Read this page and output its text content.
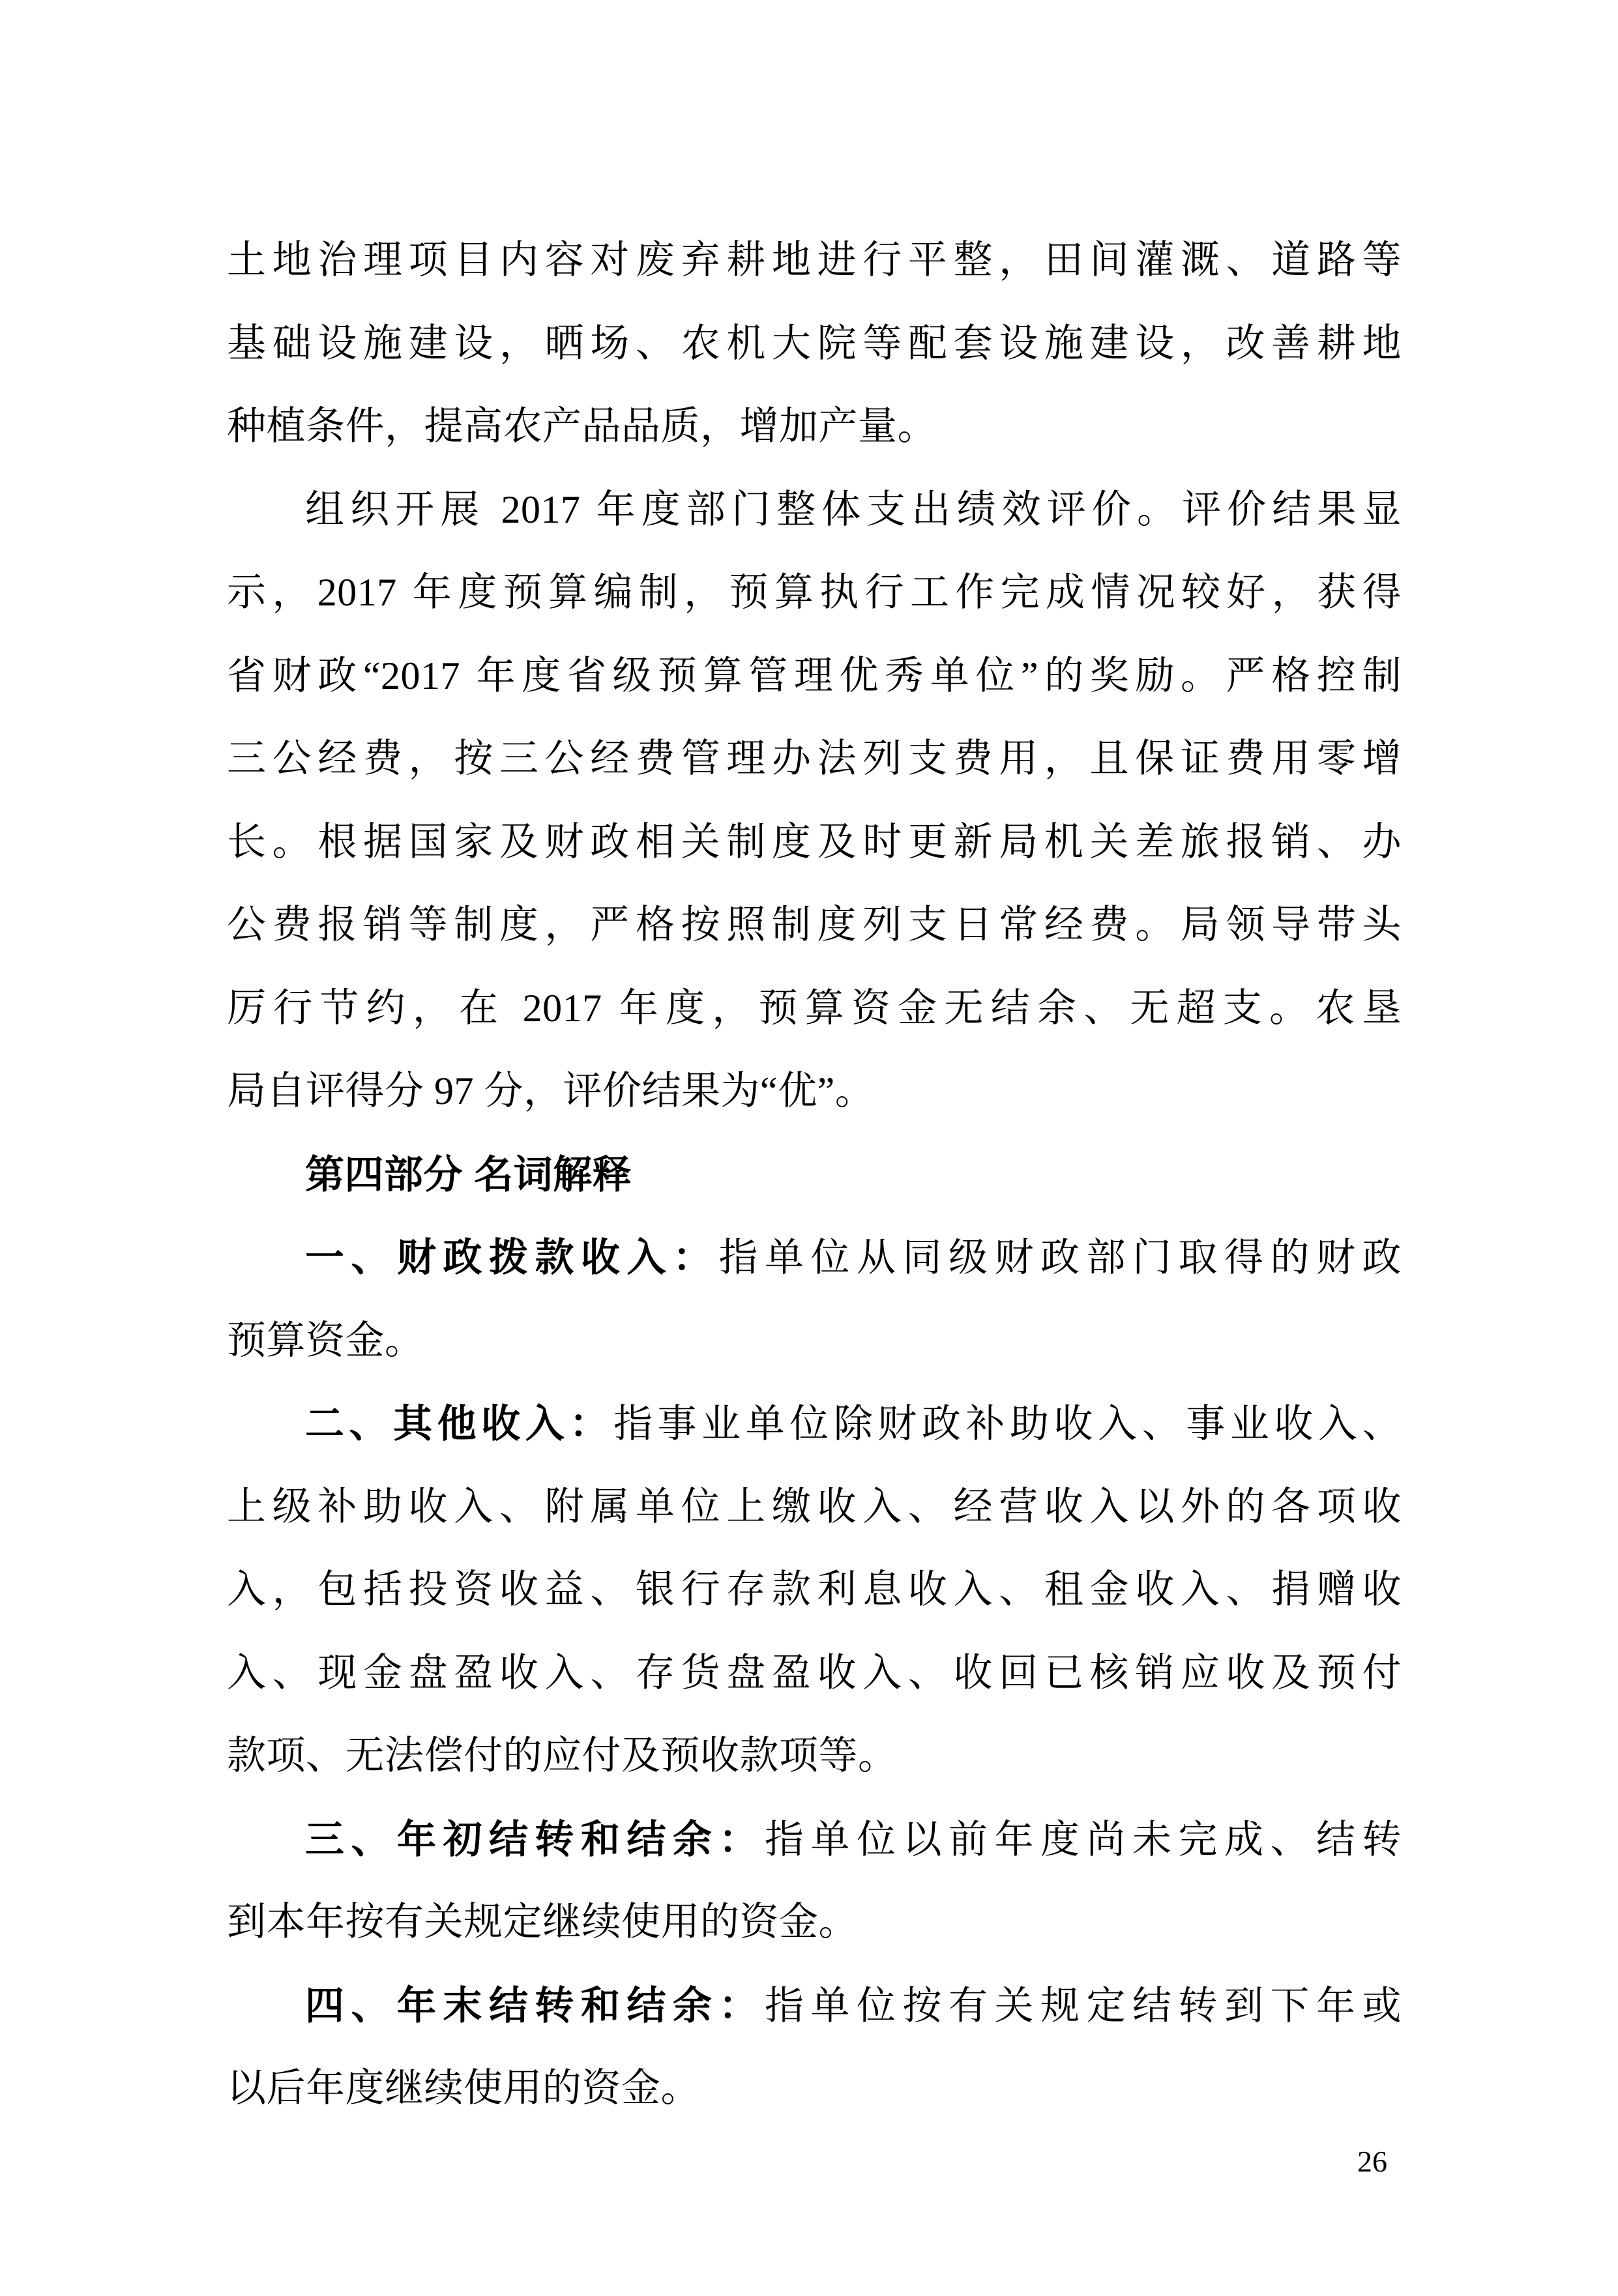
土地治理项目内容对废弃耕地进行平整，田间灌溉、道路等
基础设施建设，晒场、农机大院等配套设施建设，改善耕地
种植条件，提高农产品品质，增加产量。
组织开展 2017 年度部门整体支出绩效评价。评价结果显
示，2017 年度预算编制，预算执行工作完成情况较好，获得
省财政“2017 年度省级预算管理优秀单位”的奖励。严格控制
三公经费，按三公经费管理办法列支费用，且保证费用零增
长。根据国家及财政相关制度及时更新局机关差旅报销、办
公费报销等制度，严格按照制度列支日常经费。局领导带头
厉行节约，在 2017 年度，预算资金无结余、无超支。农垦
局自评得分 97 分，评价结果为“优”。
第四部分 名词解释
一、财政拨款收入：指单位从同级财政部门取得的财政
预算资金。
二、其他收入：指事业单位除财政补助收入、事业收入、
上级补助收入、附属单位上缴收入、经营收入以外的各项收
入，包括投资收益、银行存款利息收入、租金收入、捐赠收
入、现金盘盈收入、存货盘盈收入、收回已核销应收及预付
款项、无法偿付的应付及预收款项等。
三、年初结转和结余：指单位以前年度尚未完成、结转
到本年按有关规定继续使用的资金。
四、年末结转和结余：指单位按有关规定结转到下年或
以后年度继续使用的资金。
26
